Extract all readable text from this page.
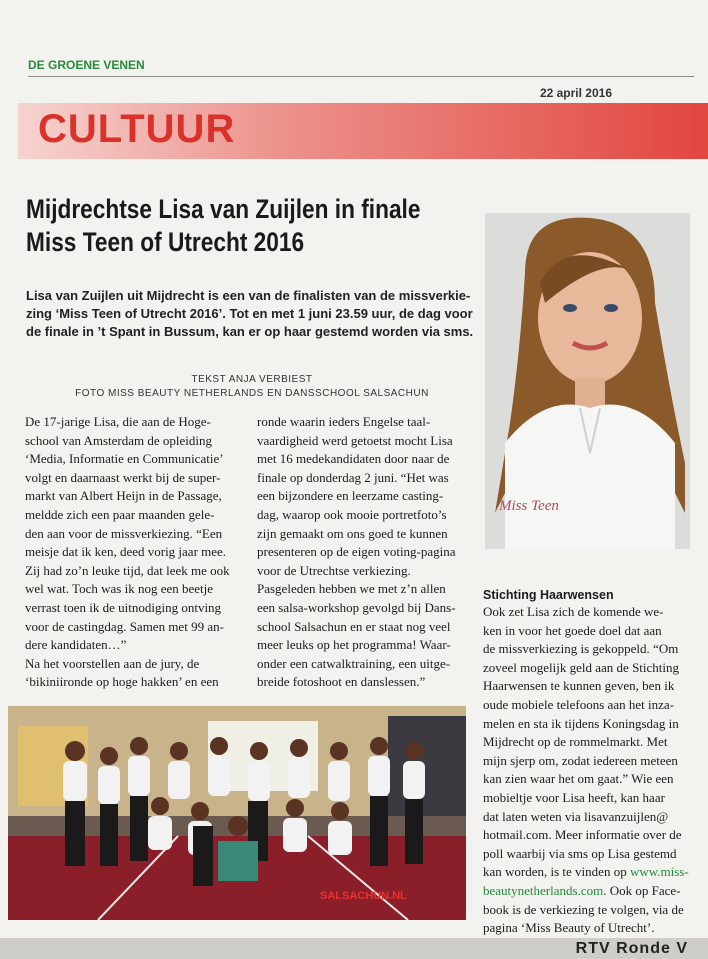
DE GROENE VENEN
22 april 2016
CULTUUR
Mijdrechtse Lisa van Zuijlen in finale
Miss Teen of Utrecht 2016
Lisa van Zuijlen uit Mijdrecht is een van de finalisten van de missverkie-
zing ‘Miss Teen of Utrecht 2016’. Tot en met 1 juni 23.59 uur, de dag voor
de finale in ’t Spant in Bussum, kan er op haar gestemd worden via sms.
TEKST ANJA VERBIEST
FOTO MISS BEAUTY NETHERLANDS EN DANSSCHOOL SALSACHUN
De 17-jarige Lisa, die aan de Hoge-
school van Amsterdam de opleiding
‘Media, Informatie en Communicatie’
volgt en daarnaast werkt bij de super-
markt van Albert Heijn in de Passage,
meldde zich een paar maanden gele-
den aan voor de missverkiezing. “Een
meisje dat ik ken, deed vorig jaar mee.
Zij had zo’n leuke tijd, dat leek me ook
wel wat. Toch was ik nog een beetje
verrast toen ik de uitnodiging ontving
voor de castingdag. Samen met 99 an-
dere kandidaten…”
Na het voorstellen aan de jury, de
‘bikiniironde op hoge hakken’ en een
ronde waarin ieders Engelse taal-
vaardigheid werd getoetst mocht Lisa
met 16 medekandidaten door naar de
finale op donderdag 2 juni. “Het was
een bijzondere en leerzame casting-
dag, waarop ook mooie portretfoto’s
zijn gemaakt om ons goed te kunnen
presenteren op de eigen voting-pagina
voor de Utrechtse verkiezing.
Pasgeleden hebben we met z’n allen
een salsa-workshop gevolgd bij Dans-
school Salsachun en er staat nog veel
meer leuks op het programma! Waar-
onder een catwalktraining, een uitge-
breide fotoshoot en danslessen.”
Miss Teen
Stichting Haarwensen
Ook zet Lisa zich de komende we-
ken in voor het goede doel dat aan
de missverkiezing is gekoppeld. “Om
zoveel mogelijk geld aan de Stichting
Haarwensen te kunnen geven, ben ik
oude mobiele telefoons aan het inza-
melen en sta ik tijdens Koningsdag in
Mijdrecht op de rommelmarkt. Met
mijn sjerp om, zodat iedereen meteen
kan zien waar het om gaat.” Wie een
mobieltje voor Lisa heeft, kan haar
dat laten weten via lisavanzuijlen@
hotmail.com. Meer informatie over de
poll waarbij via sms op Lisa gestemd
kan worden, is te vinden op www.miss-
beautynetherlands.com. Ook op Face-
book is de verkiezing te volgen, via de
pagina ‘Miss Beauty of Utrecht’.
SALSACHUN.NL
RTV Ronde V
